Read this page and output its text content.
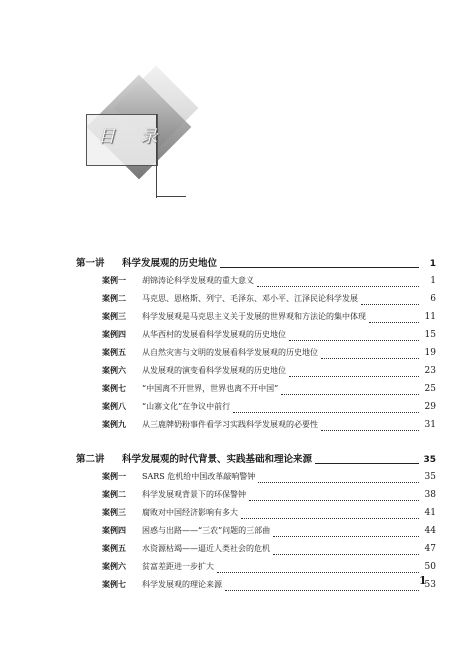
目 录
第一讲	科学发展观的历史地位	1
案例一	胡锦涛论科学发展观的重大意义	1
案例二	马克思、恩格斯、列宁、毛泽东、邓小平、江泽民论科学发展	6
案例三	科学发展观是马克思主义关于发展的世界观和方法论的集中体现	11
案例四	从华西村的发展看科学发展观的历史地位	15
案例五	从自然灾害与文明的发展看科学发展观的历史地位	19
案例六	从发展观的演变看科学发展观的历史地位	23
案例七	“中国离不开世界，世界也离不开中国”	25
案例八	“山寨文化”在争议中前行	29
案例九	从三鹿牌奶粉事件看学习实践科学发展观的必要性	31
第二讲	科学发展观的时代背景、实践基础和理论来源	35
案例一	SARS 危机给中国改革敲响警钟	35
案例二	科学发展观背景下的环保警钟	38
案例三	腐败对中国经济影响有多大	41
案例四	困惑与出路——“三农”问题的三部曲	44
案例五	水资源枯竭——逼近人类社会的危机	47
案例六	贫富差距进一步扩大	50
案例七	科学发展观的理论来源	53
1
